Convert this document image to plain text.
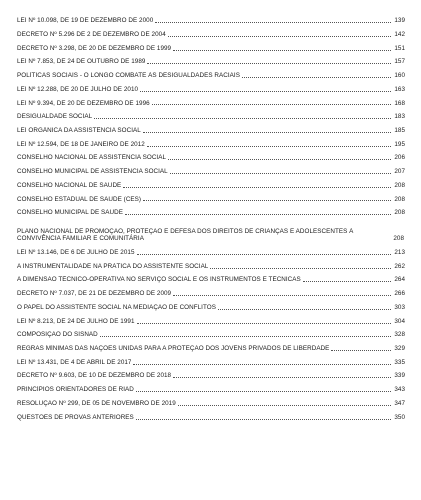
LEI Nº 10.098, DE 19 DE DEZEMBRO DE 2000	139
DECRETO Nº 5.296 DE 2 DE DEZEMBRO DE 2004	142
DECRETO Nº 3.298, DE 20 DE DEZEMBRO DE 1999	151
LEI Nº 7.853, DE 24 DE OUTUBRO DE 1989	157
POLÍTICAS SOCIAIS - O LONGO COMBATE ÀS DESIGUALDADES RACIAIS	160
LEI Nº 12.288, DE 20 DE JULHO DE 2010	163
LEI Nº 9.394, DE 20 DE DEZEMBRO DE 1996	168
DESIGUALDADE SOCIAL	183
LEI ORGÂNICA DA ASSISTÊNCIA SOCIAL	185
LEI Nº 12.594, DE 18 DE JANEIRO DE 2012	195
CONSELHO NACIONAL DE ASSISTÊNCIA SOCIAL	206
CONSELHO MUNICIPAL DE ASSISTÊNCIA SOCIAL	207
CONSELHO NACIONAL DE SAÚDE	208
CONSELHO ESTADUAL DE SAÚDE (CES)	208
CONSELHO MUNICIPAL DE SAÚDE	208
PLANO NACIONAL DE PROMOÇÃO, PROTEÇÃO E DEFESA DOS DIREITOS DE CRIANÇAS E ADOLESCENTES À CONVIVÊNCIA FAMILIAR E COMUNITÁRIA	208
LEI Nº 13.146, DE 6 DE JULHO DE 2015	213
A INSTRUMENTALIDADE NA PRÁTICA DO ASSISTENTE SOCIAL	262
A DIMENSÃO TÉCNICO-OPERATIVA NO SERVIÇO SOCIAL E OS INSTRUMENTOS E TÉCNICAS	264
DECRETO Nº 7.037, DE 21 DE DEZEMBRO DE 2009	266
O PAPEL DO ASSISTENTE SOCIAL NA MEDIAÇÃO DE CONFLITOS	303
LEI Nº 8.213, DE 24 DE JULHO DE 1991	304
COMPOSIÇÃO DO SISNAD	328
REGRAS MÍNIMAS DAS NAÇÕES UNIDAS PARA A PROTEÇÃO DOS JOVENS PRIVADOS DE LIBERDADE	329
LEI Nº 13.431, DE 4 DE ABRIL DE 2017	335
DECRETO Nº 9.603, DE 10 DE DEZEMBRO DE 2018	339
PRINCÍPIOS ORIENTADORES DE RIAD	343
RESOLUÇÃO Nº 299, DE 05 DE NOVEMBRO DE 2019	347
QUESTÕES DE PROVAS ANTERIORES	350
